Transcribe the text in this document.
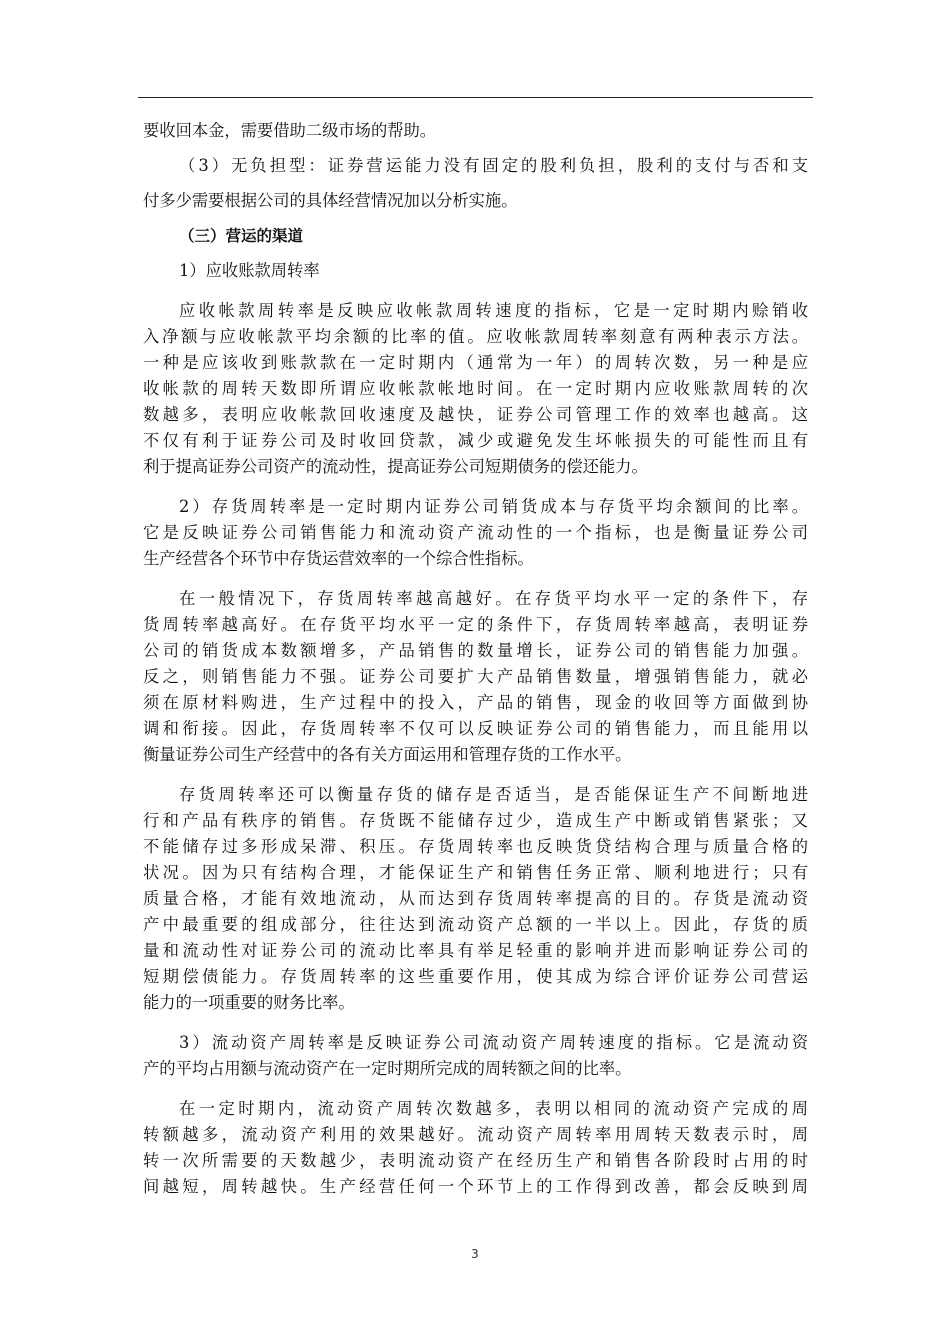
要收回本金，需要借助二级市场的帮助。
（3）无负担型：证券营运能力没有固定的股利负担，股利的支付与否和支
付多少需要根据公司的具体经营情况加以分析实施。
（三）营运的渠道
1）应收账款周转率
应收帐款周转率是反映应收帐款周转速度的指标，它是一定时期内赊销收
入净额与应收帐款平均余额的比率的值。应收帐款周转率刻意有两种表示方法。
一种是应该收到账款款在一定时期内（通常为一年）的周转次数，另一种是应
收帐款的周转天数即所谓应收帐款帐地时间。在一定时期内应收账款周转的次
数越多，表明应收帐款回收速度及越快，证券公司管理工作的效率也越高。这
不仅有利于证券公司及时收回贷款，减少或避免发生坏帐损失的可能性而且有
利于提高证券公司资产的流动性，提高证券公司短期债务的偿还能力。
2）存货周转率是一定时期内证券公司销货成本与存货平均余额间的比率。
它是反映证券公司销售能力和流动资产流动性的一个指标，也是衡量证券公司
生产经营各个环节中存货运营效率的一个综合性指标。
在一般情况下，存货周转率越高越好。在存货平均水平一定的条件下，存
货周转率越高好。在存货平均水平一定的条件下，存货周转率越高，表明证券
公司的销货成本数额增多，产品销售的数量增长，证券公司的销售能力加强。
反之，则销售能力不强。证券公司要扩大产品销售数量，增强销售能力，就必
须在原材料购进，生产过程中的投入，产品的销售，现金的收回等方面做到协
调和衔接。因此，存货周转率不仅可以反映证券公司的销售能力，而且能用以
衡量证券公司生产经营中的各有关方面运用和管理存货的工作水平。
存货周转率还可以衡量存货的储存是否适当，是否能保证生产不间断地进
行和产品有秩序的销售。存货既不能储存过少，造成生产中断或销售紧张；又
不能储存过多形成呆滞、积压。存货周转率也反映货贷结构合理与质量合格的
状况。因为只有结构合理，才能保证生产和销售任务正常、顺利地进行；只有
质量合格，才能有效地流动，从而达到存货周转率提高的目的。存货是流动资
产中最重要的组成部分，往往达到流动资产总额的一半以上。因此，存货的质
量和流动性对证券公司的流动比率具有举足轻重的影响并进而影响证券公司的
短期偿债能力。存货周转率的这些重要作用，使其成为综合评价证券公司营运
能力的一项重要的财务比率。
3）流动资产周转率是反映证券公司流动资产周转速度的指标。它是流动资
产的平均占用额与流动资产在一定时期所完成的周转额之间的比率。
在一定时期内，流动资产周转次数越多，表明以相同的流动资产完成的周
转额越多，流动资产利用的效果越好。流动资产周转率用周转天数表示时，周
转一次所需要的天数越少，表明流动资产在经历生产和销售各阶段时占用的时
间越短，周转越快。生产经营任何一个环节上的工作得到改善，都会反映到周
3
